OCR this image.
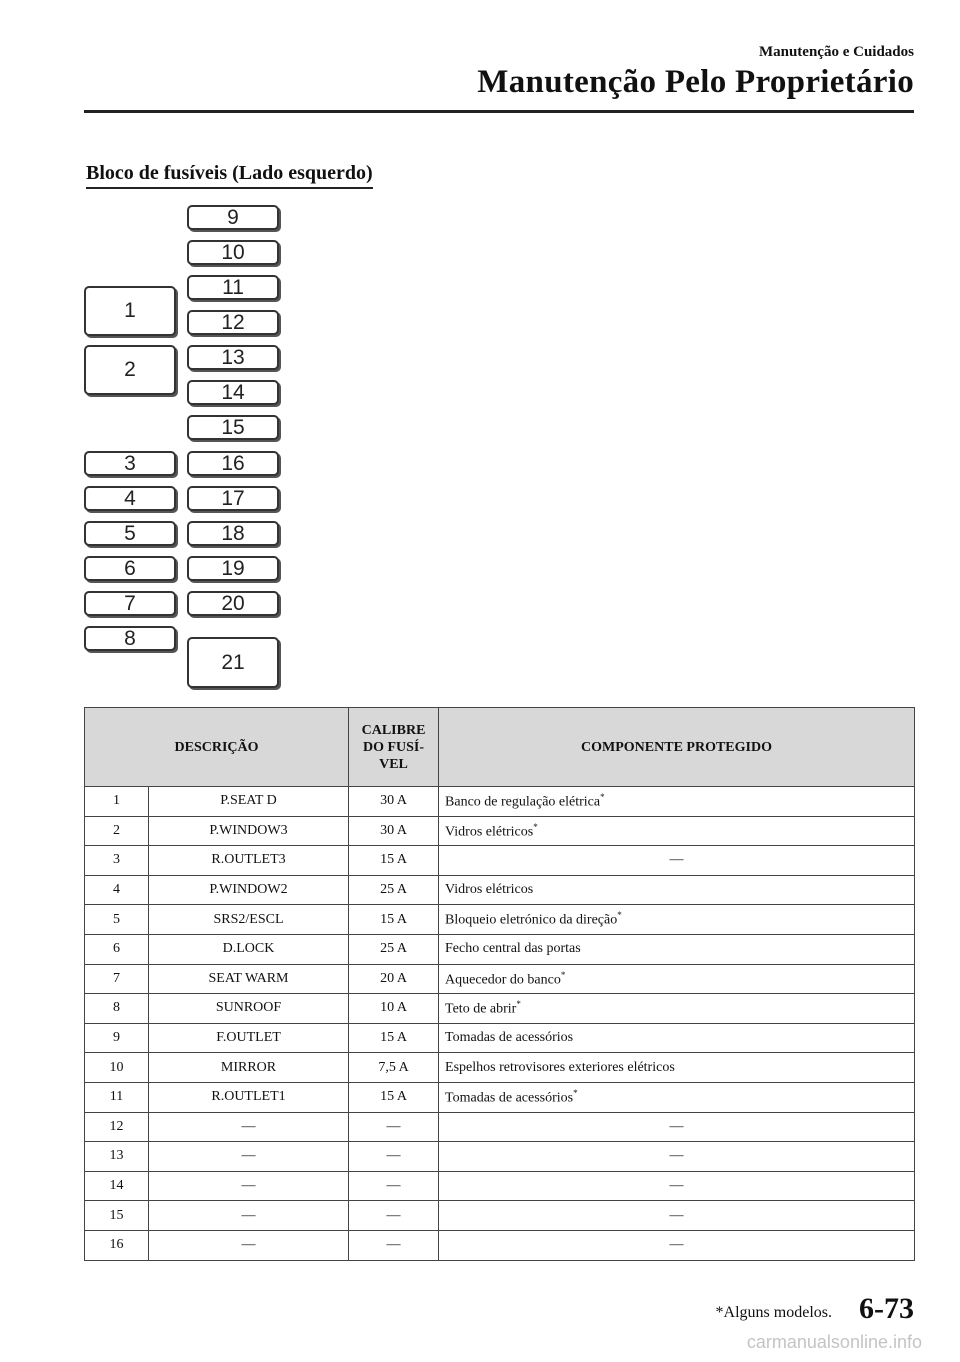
Manutenção e Cuidados
Manutenção Pelo Proprietário
Bloco de fusíveis (Lado esquerdo)
1
2
3
4
5
6
7
8
9
10
11
12
13
14
15
16
17
18
19
20
21
DESCRIÇÃO		CALIBRE
DO FUSÍ-
VEL	COMPONENTE PROTEGIDO
1	P.SEAT D	30 A	Banco de regulação elétrica*
2	P.WINDOW3	30 A	Vidros elétricos*
3	R.OUTLET3	15 A	―
4	P.WINDOW2	25 A	Vidros elétricos
5	SRS2/ESCL	15 A	Bloqueio eletrónico da direção*
6	D.LOCK	25 A	Fecho central das portas
7	SEAT WARM	20 A	Aquecedor do banco*
8	SUNROOF	10 A	Teto de abrir*
9	F.OUTLET	15 A	Tomadas de acessórios
10	MIRROR	7,5 A	Espelhos retrovisores exteriores elétricos
11	R.OUTLET1	15 A	Tomadas de acessórios*
12	―	―	―
13	―	―	―
14	―	―	―
15	―	―	―
16	―	―	―
*Alguns modelos. 6-73
carmanualsonline.info
